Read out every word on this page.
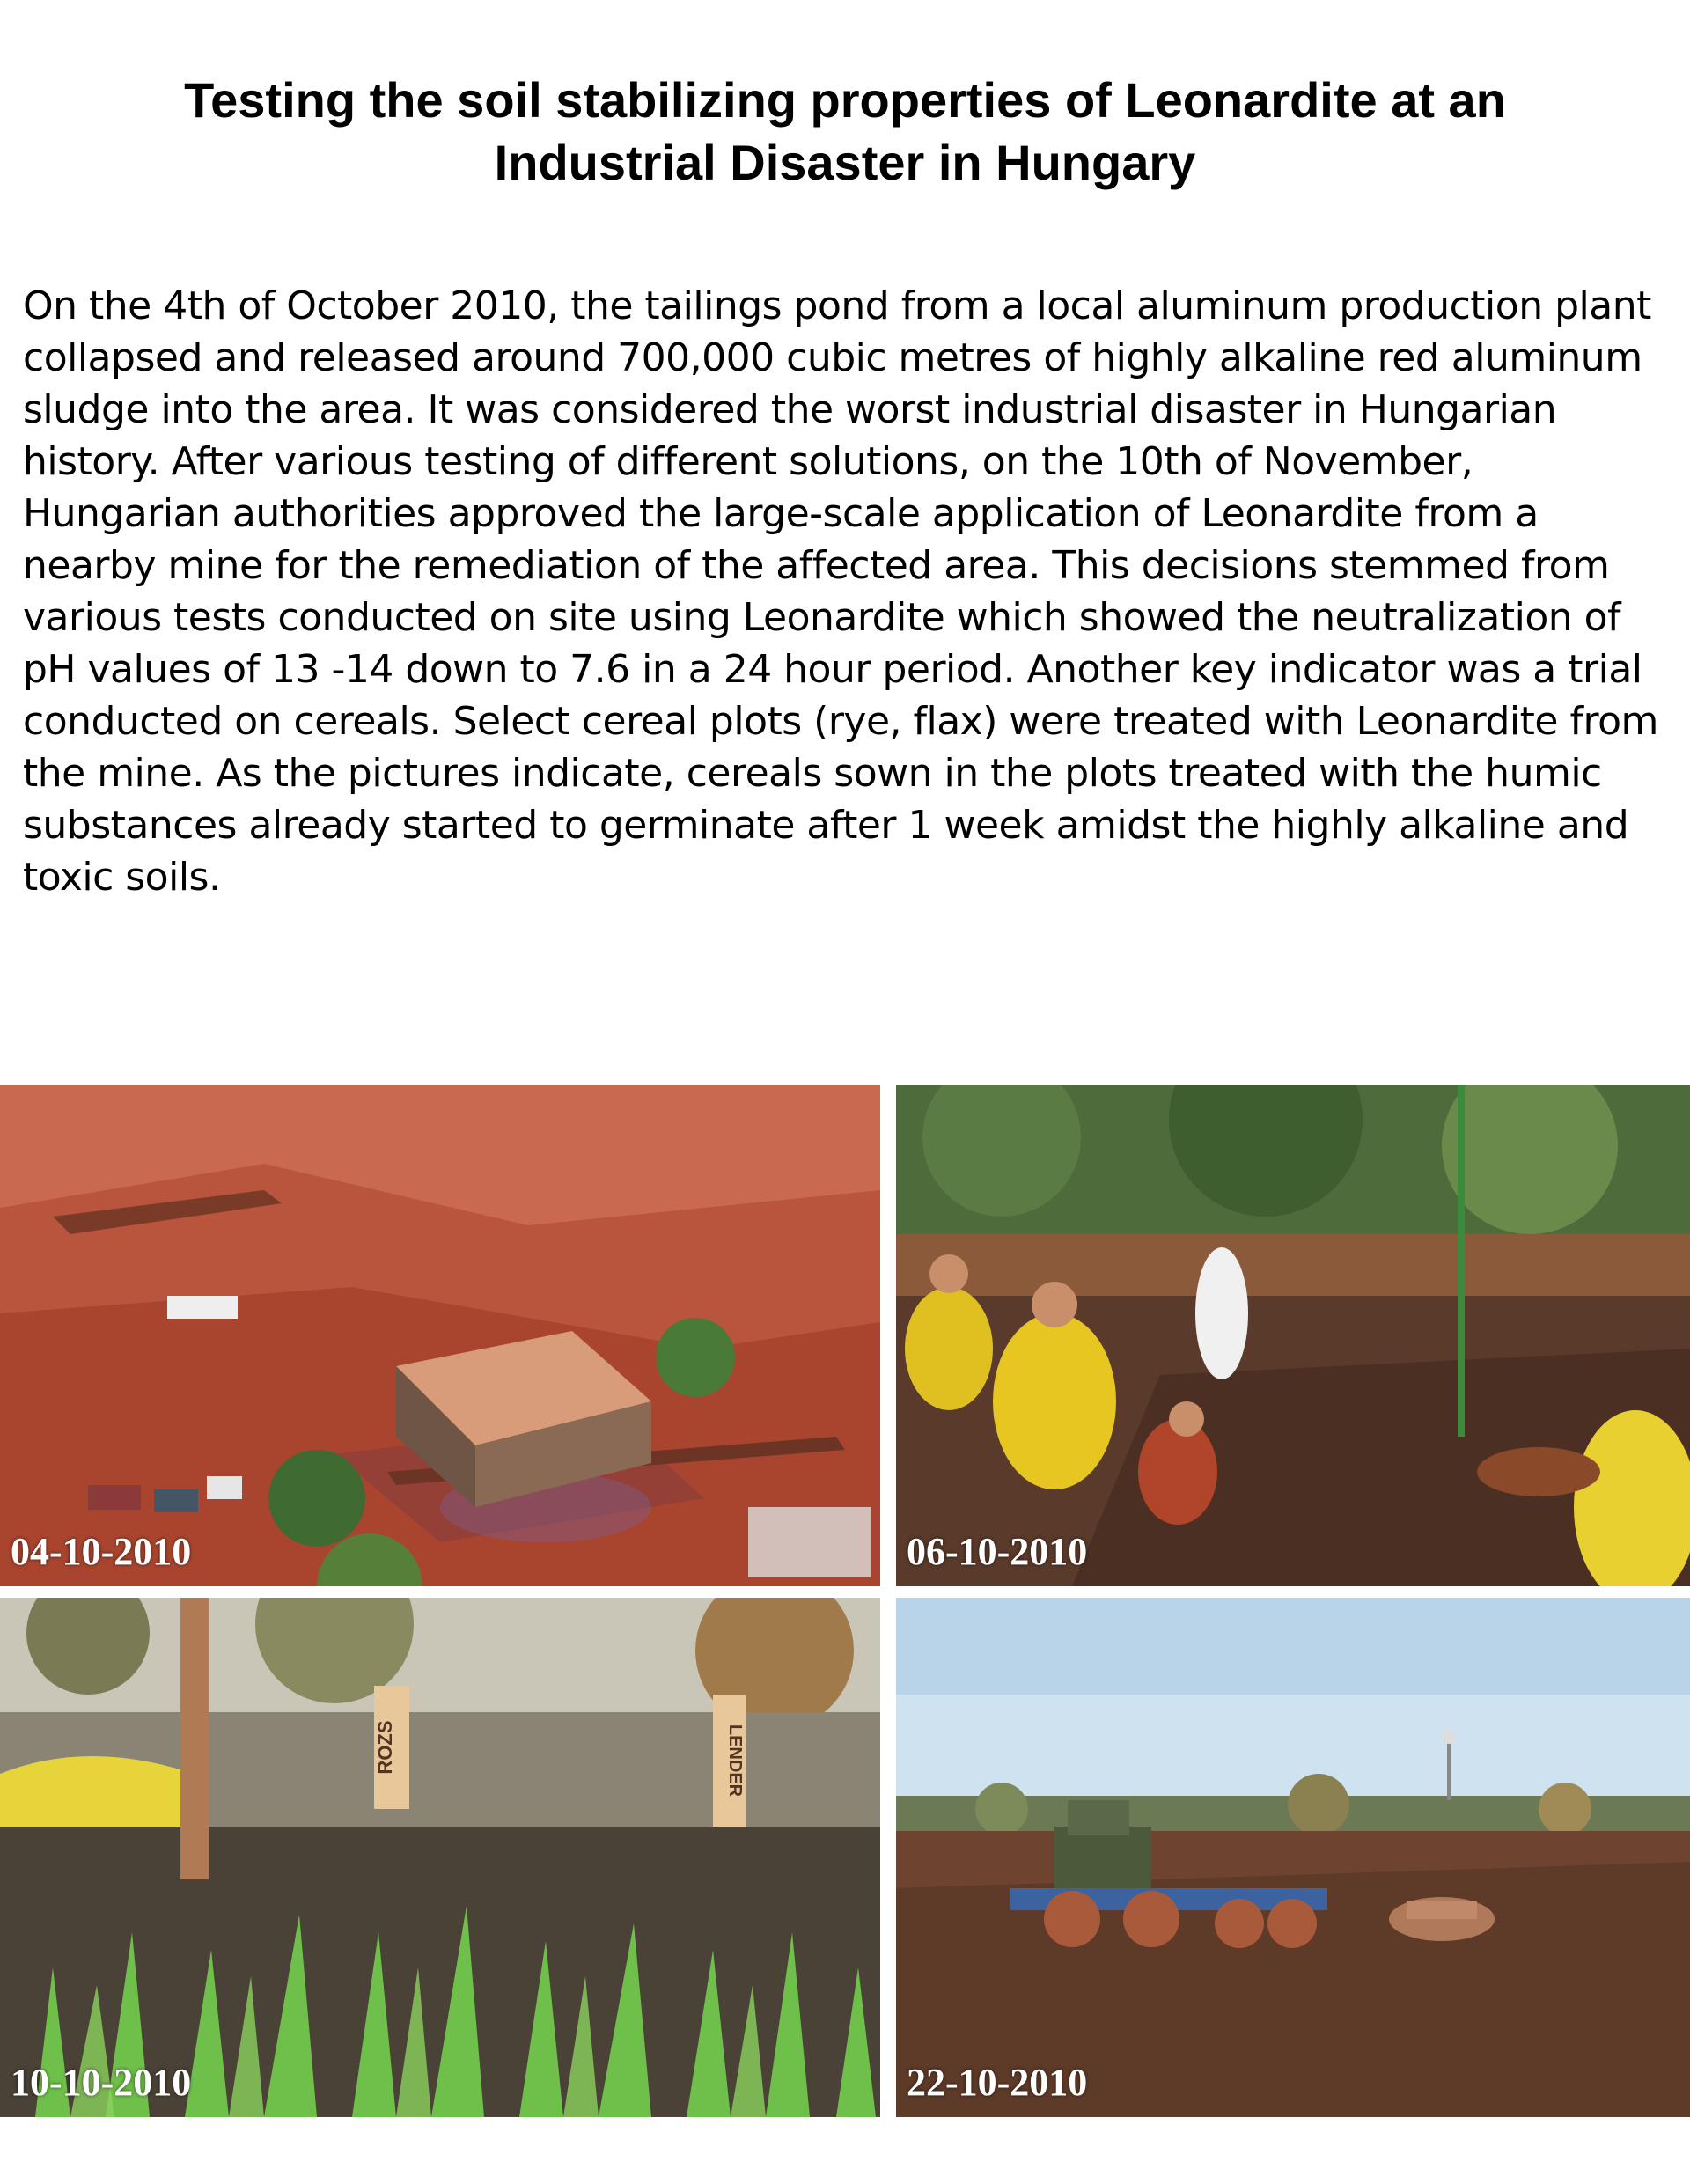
Testing the soil stabilizing properties of Leonardite at an
Industrial Disaster in Hungary

On the 4th of October 2010, the tailings pond from a local aluminum production plant collapsed and released around 700,000 cubic metres of highly alkaline red aluminum sludge into the area. It was considered the worst industrial disaster in Hungarian history. After various testing of different solutions, on the 10th of November, Hungarian authorities approved the large-scale application of Leonardite from a nearby mine for the remediation of the affected area. This decisions stemmed from various tests conducted on site using Leonardite which showed the neutralization of pH values of 13 -14 down to 7.6 in a 24 hour period. Another key indicator was a trial conducted on cereals. Select cereal plots (rye, flax) were treated with Leonardite from the mine. As the pictures indicate, cereals sown in the plots treated with the humic substances already started to germinate after 1 week amidst the highly alkaline and toxic soils.

04-10-2010	06-10-2010
ROZS	LENDER
10-10-2010	22-10-2010
